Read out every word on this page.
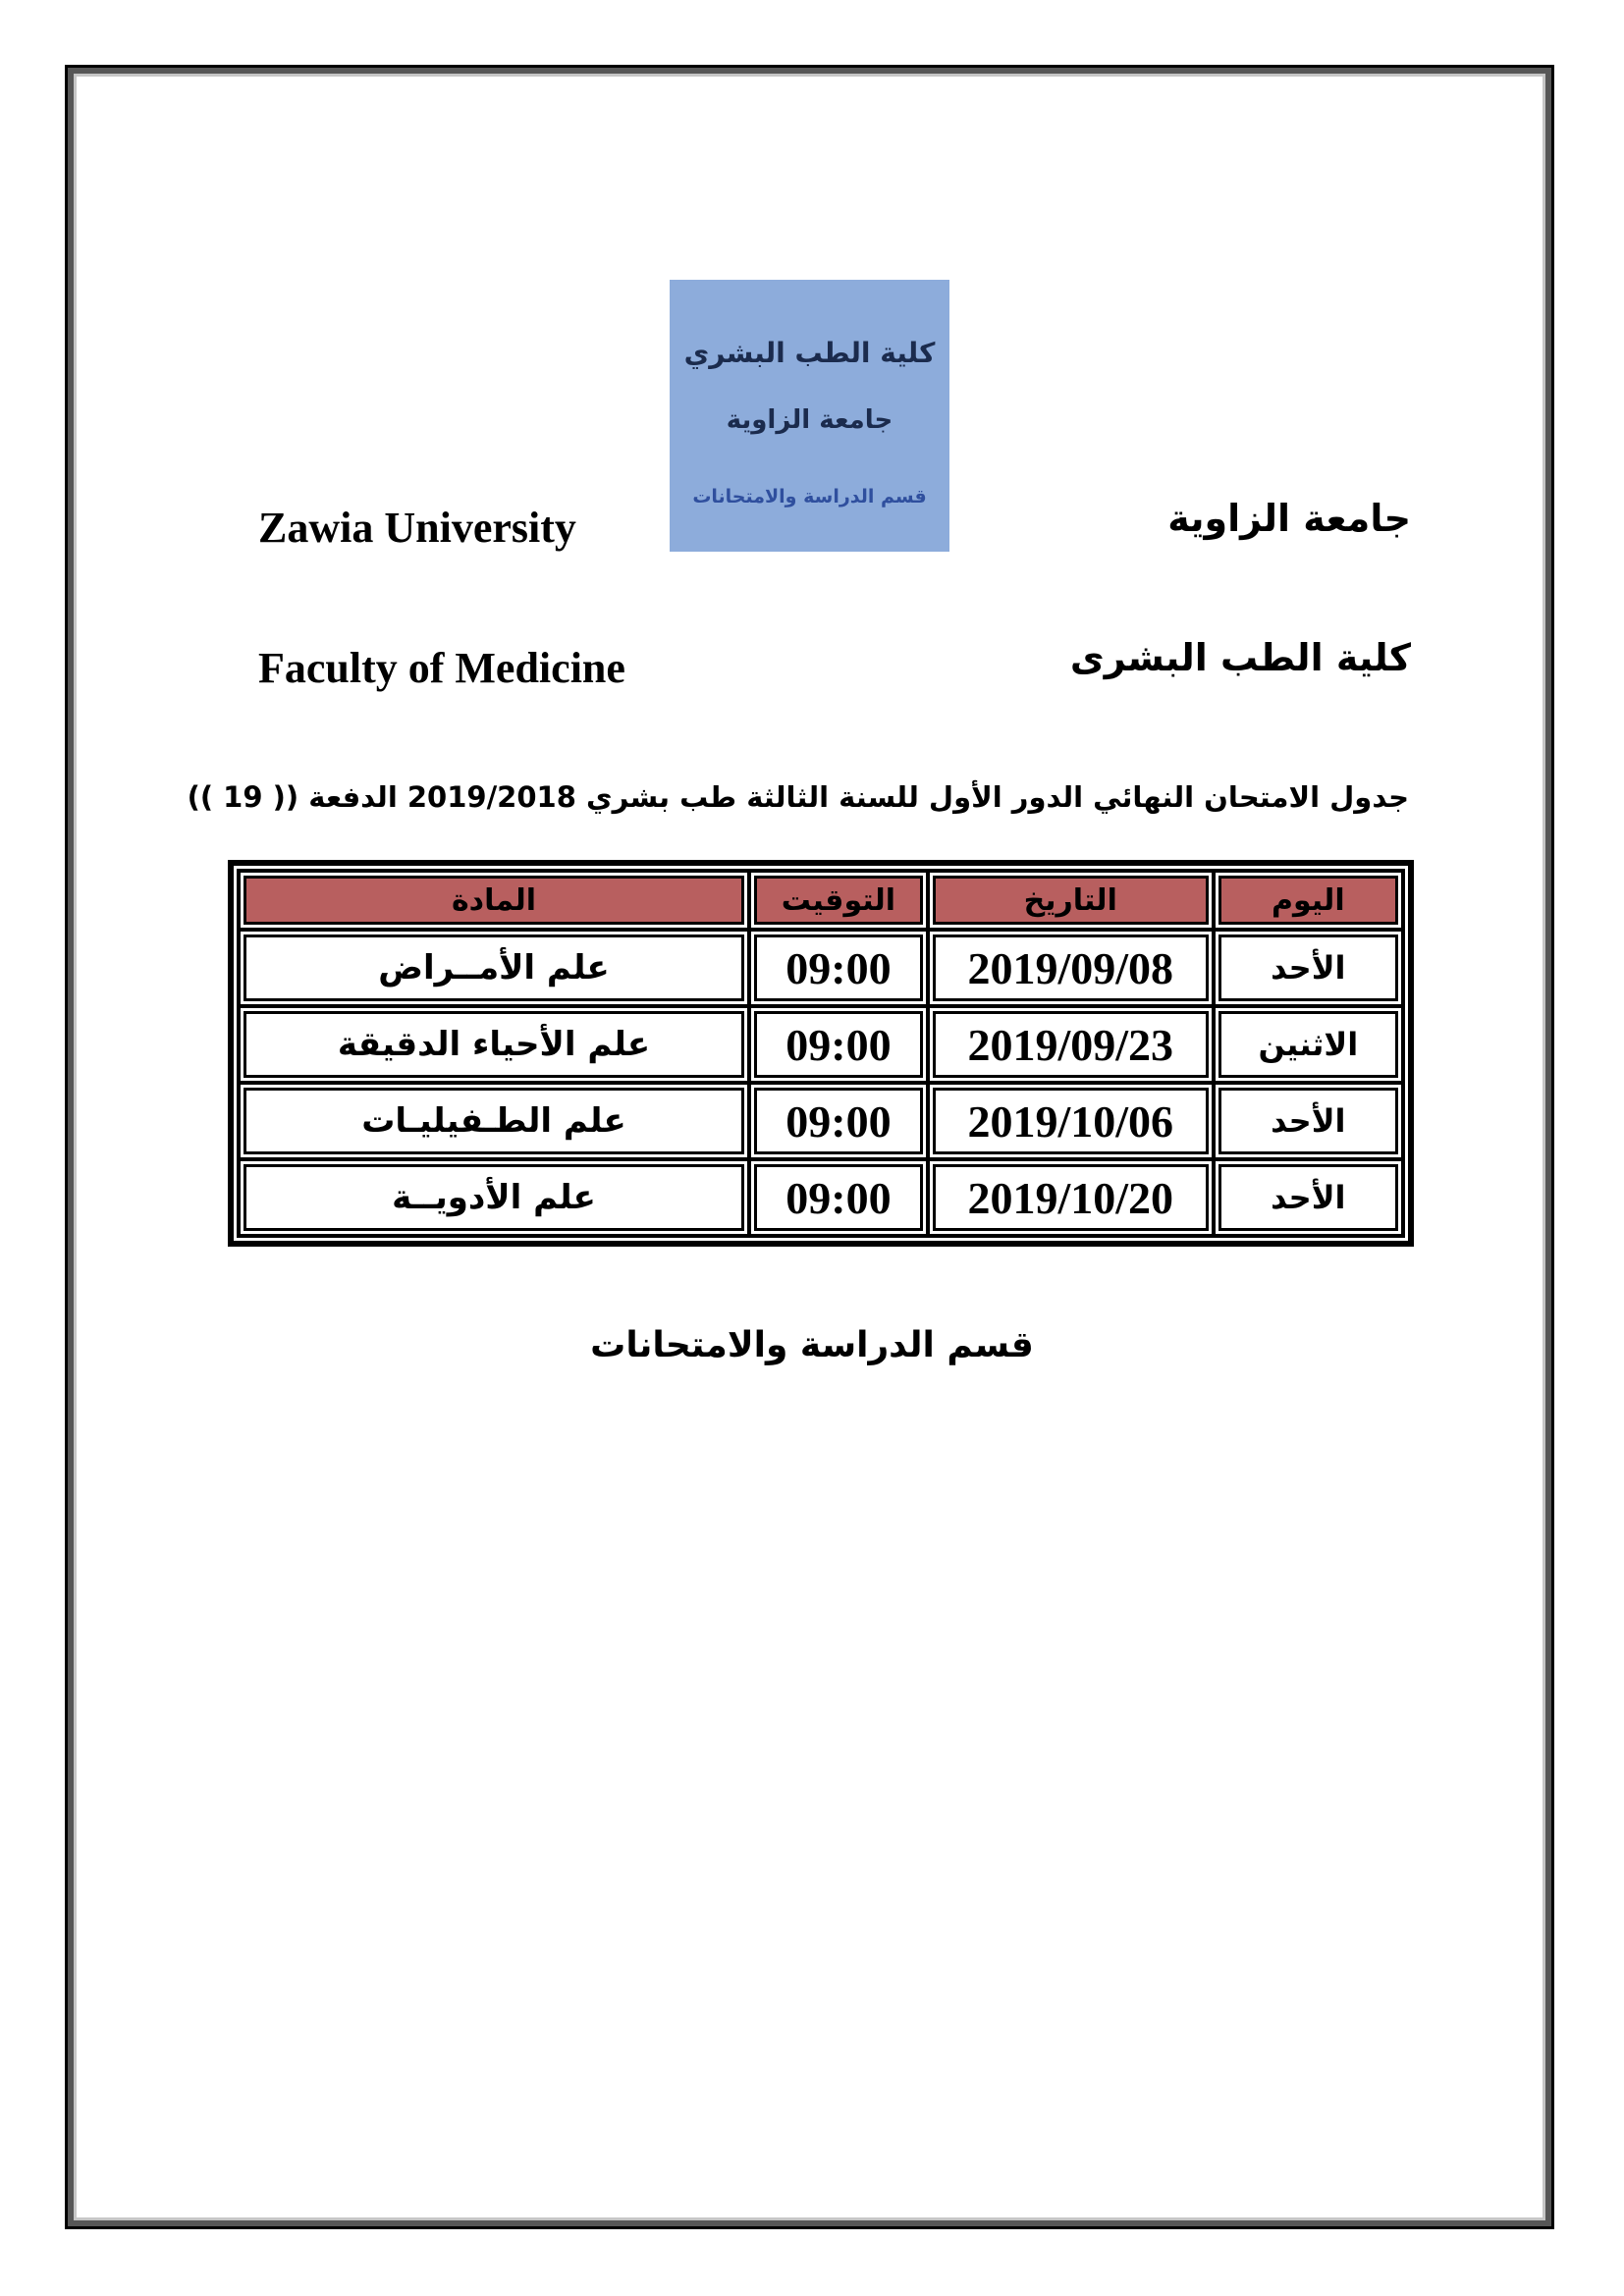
كلية الطب البشري
جامعة الزاوية
قسم الدراسة والامتحانات
Zawia University	جامعة الزاوية
Faculty of Medicine	كلية الطب البشرى
جدول الامتحان النهائي الدور الأول للسنة الثالثة طب بشري 2019/2018 الدفعة (( 19 ))
اليوم	التاريخ	التوقيت	المادة
الأحد	2019/09/08	09:00	علم الأمــراض
الاثنين	2019/09/23	09:00	علم الأحياء الدقيقة
الأحد	2019/10/06	09:00	علم الطـفيليـات
الأحد	2019/10/20	09:00	علم الأدويــة
قسم الدراسة والامتحانات
